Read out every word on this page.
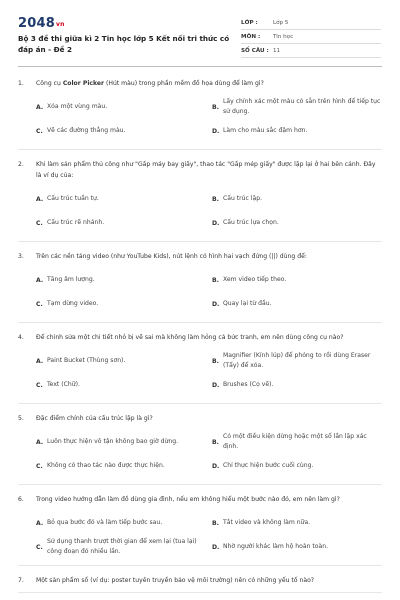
2048vn
Bộ 3 đề thi giữa kì 2 Tin học lớp 5 Kết nối tri thức có đáp án - Đề 2
LỚP :	Lớp 5
MÔN :	Tin học
SỐ CÂU : 11
1.	Công cụ Color Picker (Hút màu) trong phần mềm đồ họa dùng để làm gì?
A. Xóa một vùng màu.	B.
Lấy chính xác một màu có sẵn trên hình để tiếp tục sử dụng.
C. Vẽ các đường thẳng màu.	D. Làm cho màu sắc đậm hơn.
2.	Khi làm sản phẩm thủ công như "Gấp máy bay giấy", thao tác "Gấp mép giấy" được lặp lại ở hai bên cánh. Đây là ví dụ của:
A. Cấu trúc tuần tự.	B. Cấu trúc lặp.
C. Cấu trúc rẽ nhánh.	D. Cấu trúc lựa chọn.
3.	Trên các nền tảng video (như YouTube Kids), nút lệnh có hình hai vạch đứng (||) dùng để:
A. Tăng âm lượng.	B. Xem video tiếp theo.
C. Tạm dừng video.	D. Quay lại từ đầu.
4.	Để chỉnh sửa một chi tiết nhỏ bị vẽ sai mà không làm hỏng cả bức tranh, em nên dùng công cụ nào?
A. Paint Bucket (Thùng sơn).	B.
Magnifier (Kính lúp) để phóng to rồi dùng Eraser (Tẩy) để xóa.
C. Text (Chữ).	D. Brushes (Cọ vẽ).
5.	Đặc điểm chính của cấu trúc lặp là gì?
A. Luôn thực hiện vô tận không bao giờ dừng.	B.
Có một điều kiện dừng hoặc một số lần lặp xác định.
C. Không có thao tác nào được thực hiện.	D. Chỉ thực hiện bước cuối cùng.
6.	Trong video hướng dẫn làm đồ dùng gia đình, nếu em không hiểu một bước nào đó, em nên làm gì?
A. Bỏ qua bước đó và làm tiếp bước sau.	B. Tắt video và không làm nữa.
C.
Sử dụng thanh trượt thời gian để xem lại (tua lại) công đoạn đó nhiều lần.
D. Nhờ người khác làm hộ hoàn toàn.
7.	Một sản phẩm số (ví dụ: poster tuyên truyền bảo vệ môi trường) nên có những yếu tố nào?
